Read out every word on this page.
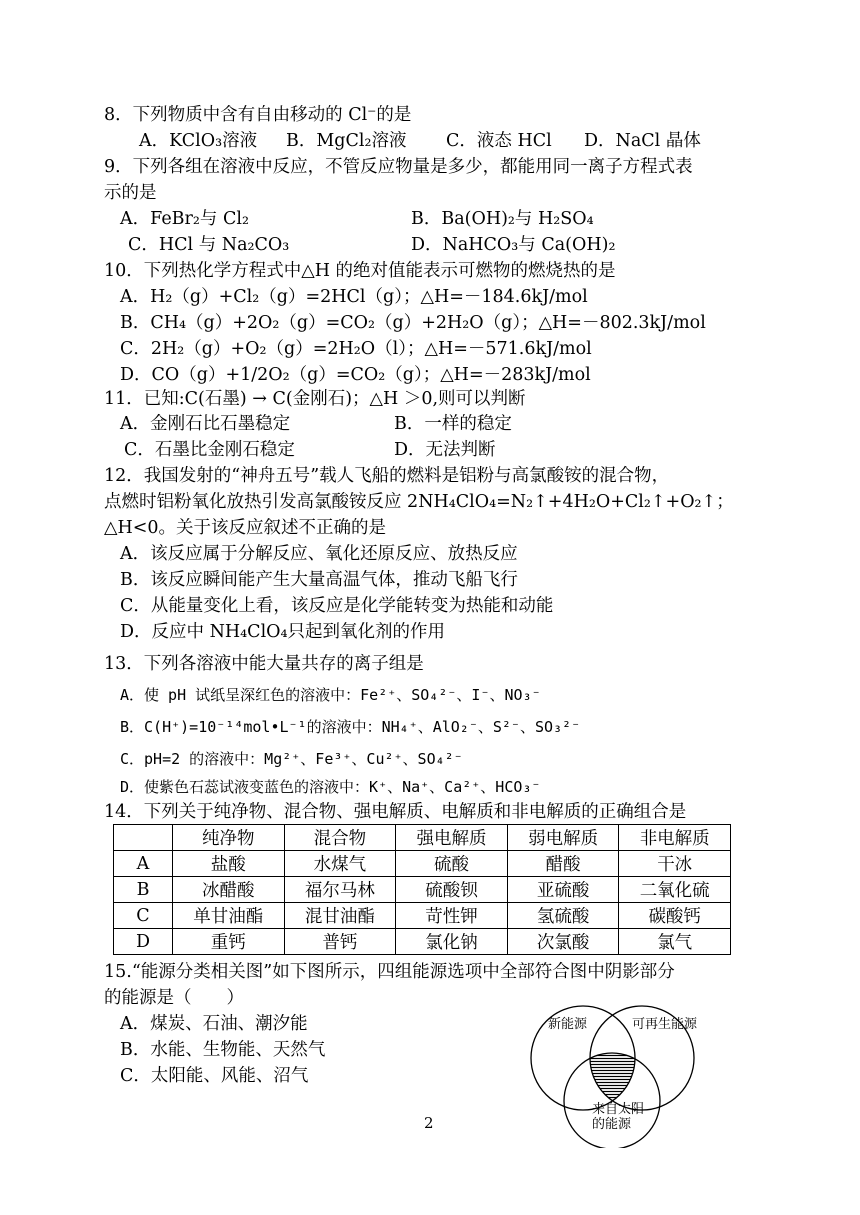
8．下列物质中含有自由移动的 Cl⁻的是
A．KClO₃溶液 B．MgCl₂溶液 C．液态 HCl D．NaCl 晶体
9．下列各组在溶液中反应，不管反应物量是多少，都能用同一离子方程式表
示的是
A．FeBr₂与 Cl₂	B．Ba(OH)₂与 H₂SO₄
C．HCl 与 Na₂CO₃	D．NaHCO₃与 Ca(OH)₂
10．下列热化学方程式中△H 的绝对值能表示可燃物的燃烧热的是
A．H₂（g）+Cl₂（g）=2HCl（g）；△H=－184.6kJ/mol
B．CH₄（g）+2O₂（g）=CO₂（g）+2H₂O（g）；△H=－802.3kJ/mol
C．2H₂（g）+O₂（g）=2H₂O（l）；△H=－571.6kJ/mol
D．CO（g）+1/2O₂（g）=CO₂（g）；△H=－283kJ/mol
11．已知:C(石墨) → C(金刚石)；△H ＞0,则可以判断
A．金刚石比石墨稳定	B．一样的稳定
C．石墨比金刚石稳定	D．无法判断
12．我国发射的“神舟五号”载人飞船的燃料是铝粉与高氯酸铵的混合物，
点燃时铝粉氧化放热引发高氯酸铵反应 2NH₄ClO₄=N₂↑+4H₂O+Cl₂↑+O₂↑；
△H<0。关于该反应叙述不正确的是
A．该反应属于分解反应、氧化还原反应、放热反应
B．该反应瞬间能产生大量高温气体，推动飞船飞行
C．从能量变化上看，该反应是化学能转变为热能和动能
D．反应中 NH₄ClO₄只起到氧化剂的作用
13．下列各溶液中能大量共存的离子组是
A．使 pH 试纸呈深红色的溶液中：Fe²⁺、SO₄²⁻、I⁻、NO₃⁻
B．C(H⁺)=10⁻¹⁴mol•L⁻¹的溶液中：NH₄⁺、AlO₂⁻、S²⁻、SO₃²⁻
C．pH=2 的溶液中：Mg²⁺、Fe³⁺、Cu²⁺、SO₄²⁻
D．使紫色石蕊试液变蓝色的溶液中：K⁺、Na⁺、Ca²⁺、HCO₃⁻
14．下列关于纯净物、混合物、强电解质、电解质和非电解质的正确组合是
	纯净物	混合物	强电解质	弱电解质	非电解质
A	盐酸	水煤气	硫酸	醋酸	干冰
B	冰醋酸	福尔马林	硫酸钡	亚硫酸	二氧化硫
C	单甘油酯	混甘油酯	苛性钾	氢硫酸	碳酸钙
D	重钙	普钙	氯化钠	次氯酸	氯气
15.“能源分类相关图”如下图所示，四组能源选项中全部符合图中阴影部分
的能源是（　　）
A．煤炭、石油、潮汐能
B．水能、生物能、天然气
C．太阳能、风能、沼气
新能源	可再生能源
来自太阳
的能源
2
